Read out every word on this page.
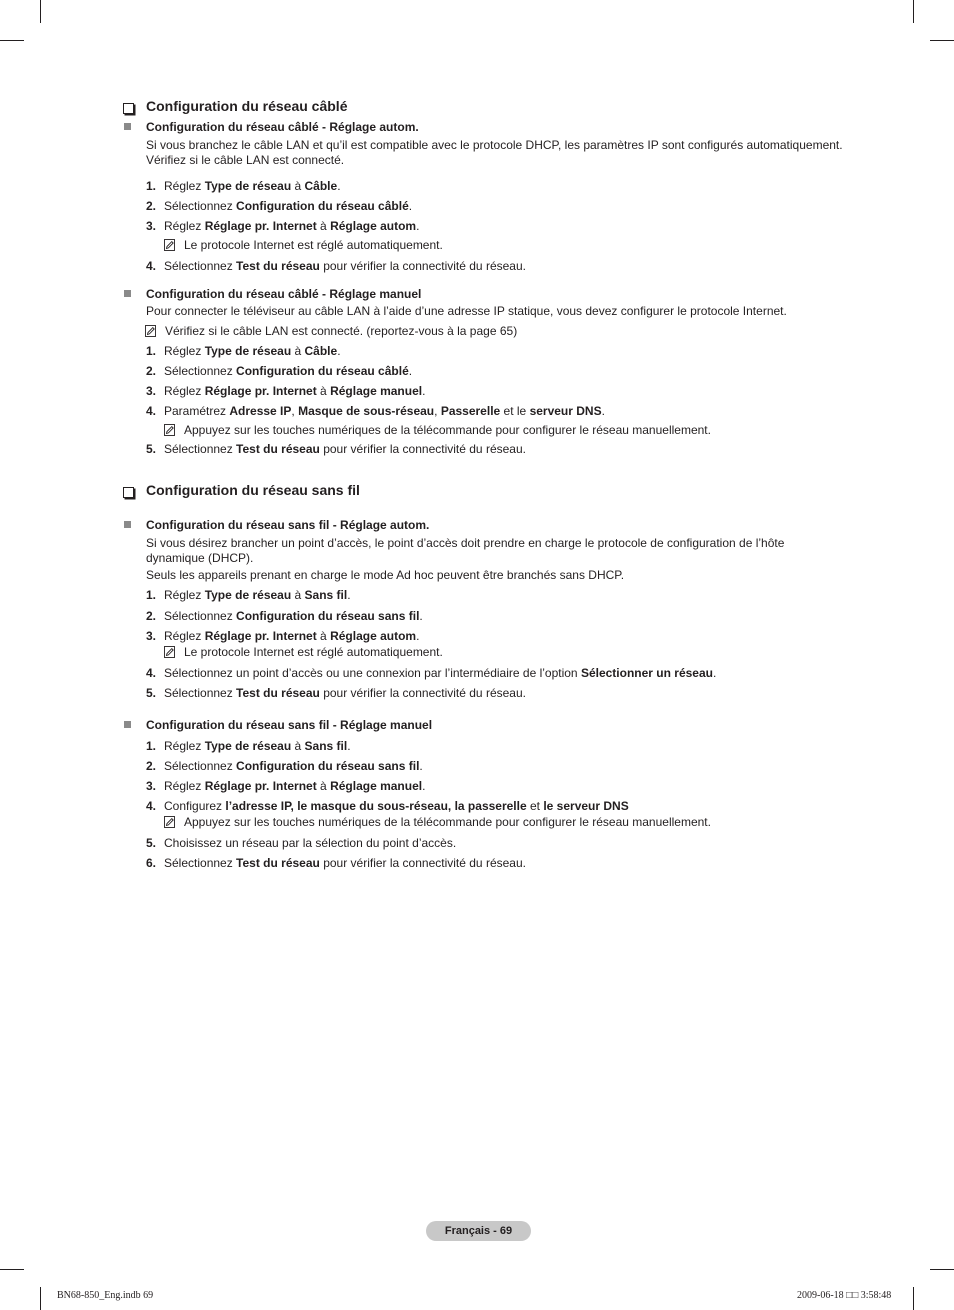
Configuration du réseau câblé
Configuration du réseau câblé - Réglage autom.
Si vous branchez le câble LAN et qu’il est compatible avec le protocole DHCP, les paramètres IP sont configurés automatiquement.
Vérifiez si le câble LAN est connecté.
1. Réglez Type de réseau à Câble.
2. Sélectionnez Configuration du réseau câblé.
3. Réglez Réglage pr. Internet à Réglage autom.
Le protocole Internet est réglé automatiquement.
4. Sélectionnez Test du réseau pour vérifier la connectivité du réseau.
Configuration du réseau câblé - Réglage manuel
Pour connecter le téléviseur au câble LAN à l’aide d’une adresse IP statique, vous devez configurer le protocole Internet.
Vérifiez si le câble LAN est connecté. (reportez-vous à la page 65)
1. Réglez Type de réseau à Câble.
2. Sélectionnez Configuration du réseau câblé.
3. Réglez Réglage pr. Internet à Réglage manuel.
4. Paramétrez Adresse IP, Masque de sous-réseau, Passerelle et le serveur DNS.
Appuyez sur les touches numériques de la télécommande pour configurer le réseau manuellement.
5. Sélectionnez Test du réseau pour vérifier la connectivité du réseau.
Configuration du réseau sans fil
Configuration du réseau sans fil - Réglage autom.
Si vous désirez brancher un point d’accès, le point d’accès doit prendre en charge le protocole de configuration de l’hôte
dynamique (DHCP).
Seuls les appareils prenant en charge le mode Ad hoc peuvent être branchés sans DHCP.
1. Réglez Type de réseau à Sans fil.
2. Sélectionnez Configuration du réseau sans fil.
3. Réglez Réglage pr. Internet à Réglage autom.
Le protocole Internet est réglé automatiquement.
4. Sélectionnez un point d’accès ou une connexion par l’intermédiaire de l’option Sélectionner un réseau.
5. Sélectionnez Test du réseau pour vérifier la connectivité du réseau.
Configuration du réseau sans fil - Réglage manuel
1. Réglez Type de réseau à Sans fil.
2. Sélectionnez Configuration du réseau sans fil.
3. Réglez Réglage pr. Internet à Réglage manuel.
4. Configurez l’adresse IP, le masque du sous-réseau, la passerelle et le serveur DNS
Appuyez sur les touches numériques de la télécommande pour configurer le réseau manuellement.
5. Choisissez un réseau par la sélection du point d’accès.
6. Sélectionnez Test du réseau pour vérifier la connectivité du réseau.
Français - 69
BN68-850_Eng.indb 69	2009-06-18 □□ 3:58:48
